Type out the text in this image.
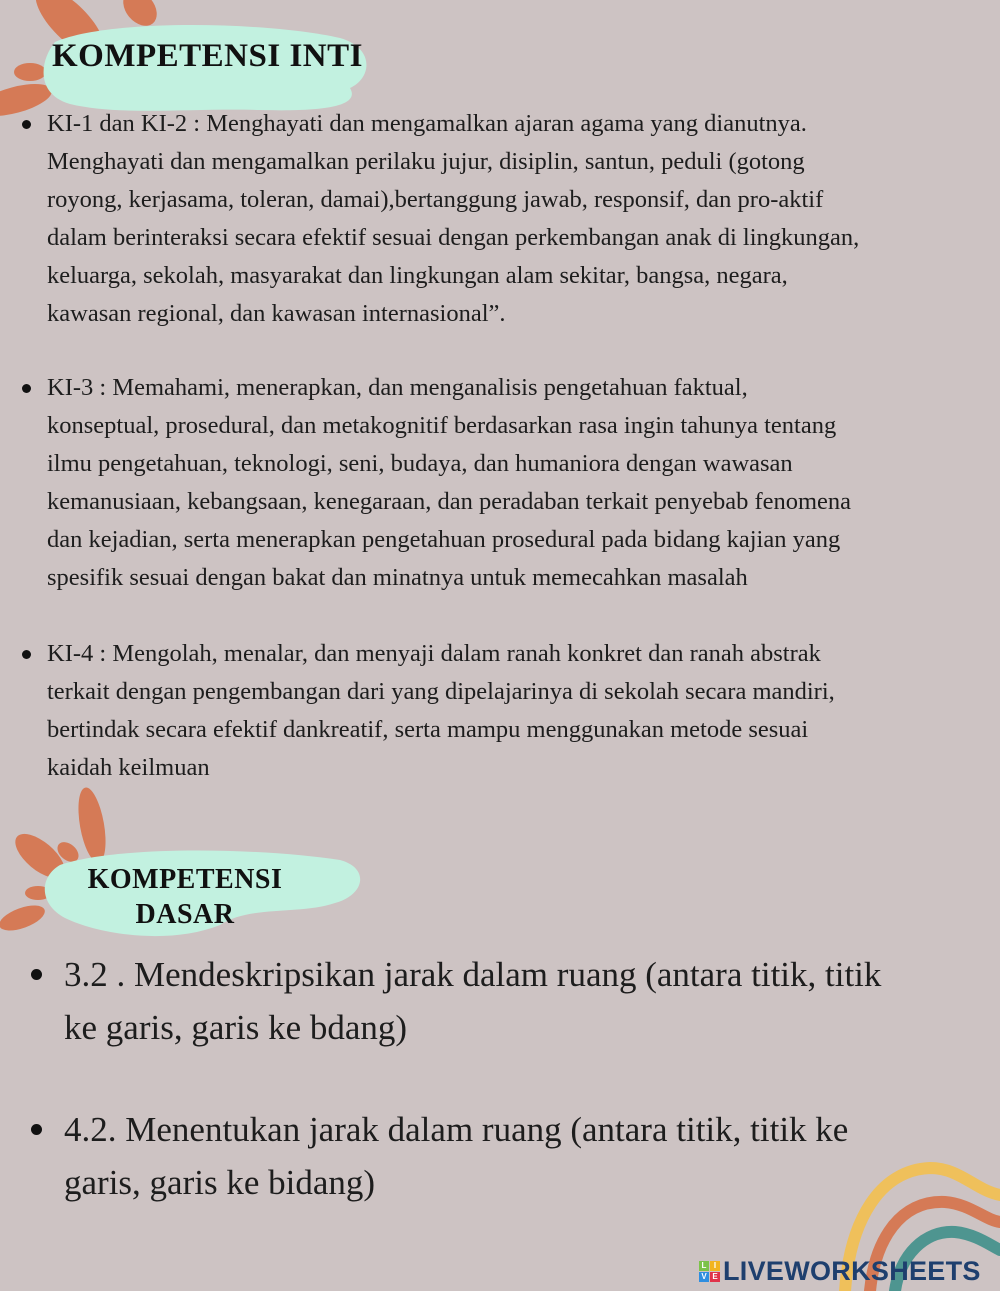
KOMPETENSI INTI
KI-1 dan KI-2 : Menghayati dan mengamalkan ajaran agama yang dianutnya.
Menghayati dan mengamalkan perilaku jujur, disiplin, santun, peduli (gotong
royong, kerjasama, toleran, damai),bertanggung jawab, responsif, dan pro-aktif
dalam berinteraksi secara efektif sesuai dengan perkembangan anak di lingkungan,
keluarga, sekolah, masyarakat dan lingkungan alam sekitar, bangsa, negara,
kawasan regional, dan kawasan internasional”.
KI-3 : Memahami, menerapkan, dan menganalisis pengetahuan faktual,
konseptual, prosedural, dan metakognitif berdasarkan rasa ingin tahunya tentang
ilmu pengetahuan, teknologi, seni, budaya, dan humaniora dengan wawasan
kemanusiaan, kebangsaan, kenegaraan, dan peradaban terkait penyebab fenomena
dan kejadian, serta menerapkan pengetahuan prosedural pada bidang kajian yang
spesifik sesuai dengan bakat dan minatnya untuk memecahkan masalah
KI-4 : Mengolah, menalar, dan menyaji dalam ranah konkret dan ranah abstrak
terkait dengan pengembangan dari yang dipelajarinya di sekolah secara mandiri,
bertindak secara efektif dankreatif, serta mampu menggunakan metode sesuai
kaidah keilmuan
KOMPETENSI
DASAR
3.2 . Mendeskripsikan jarak dalam ruang (antara titik, titik
ke garis, garis ke bdang)
4.2. Menentukan jarak dalam ruang (antara titik, titik ke
garis, garis ke bidang)
L I
V E LIVEWORKSHEETS
